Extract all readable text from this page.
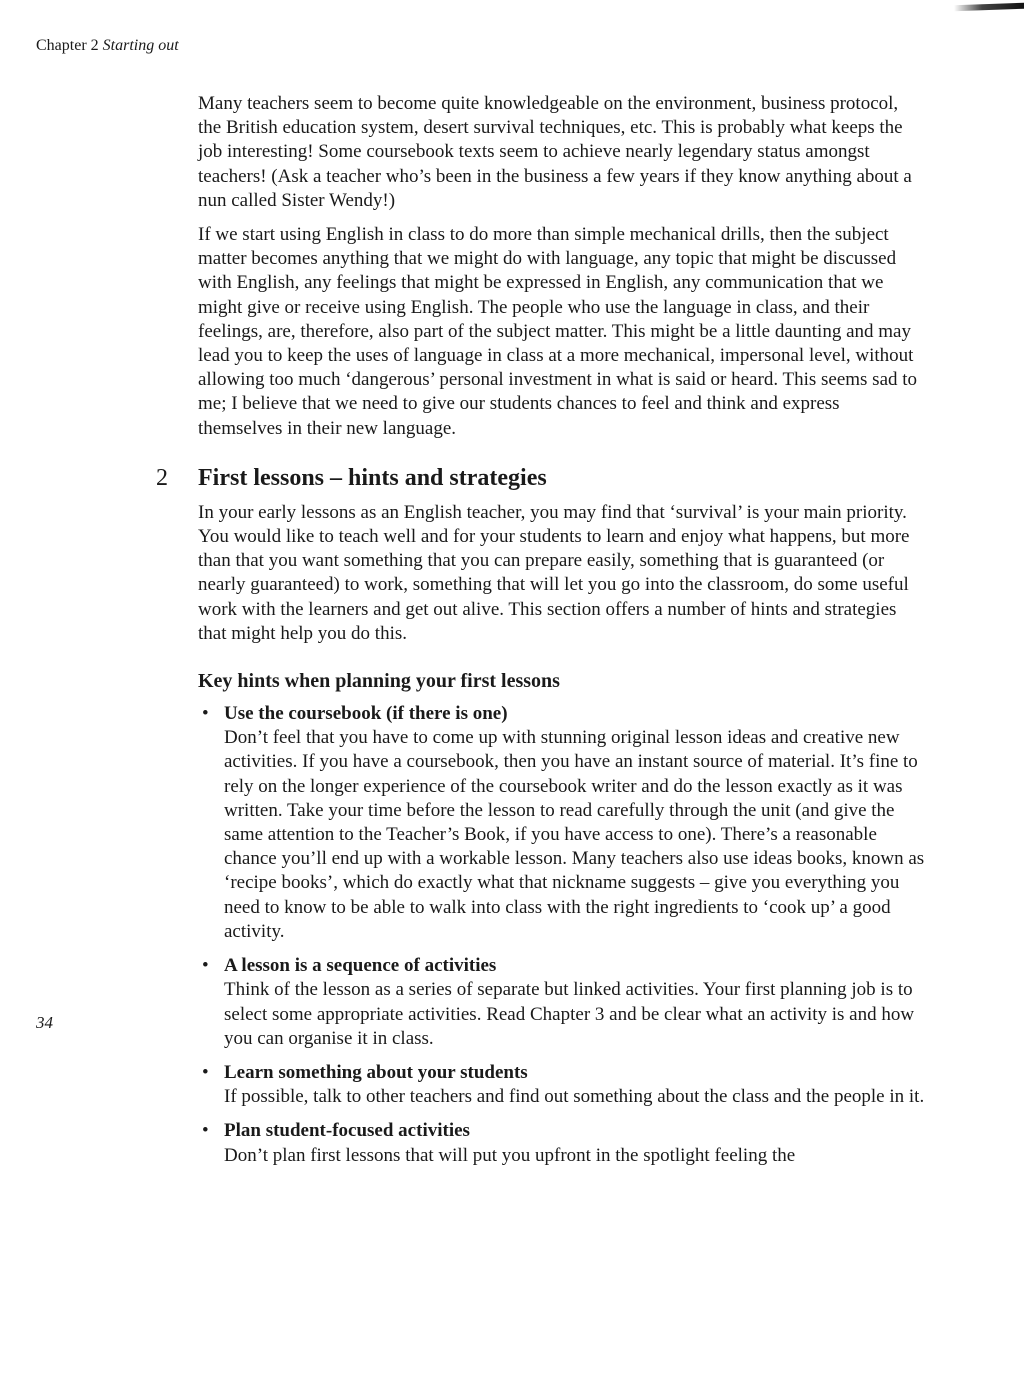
Chapter 2 Starting out

Many teachers seem to become quite knowledgeable on the environment, business protocol, the British education system, desert survival techniques, etc. This is probably what keeps the job interesting! Some coursebook texts seem to achieve nearly legendary status amongst teachers! (Ask a teacher who’s been in the business a few years if they know anything about a nun called Sister Wendy!)

If we start using English in class to do more than simple mechanical drills, then the subject matter becomes anything that we might do with language, any topic that might be discussed with English, any feelings that might be expressed in English, any communication that we might give or receive using English. The people who use the language in class, and their feelings, are, therefore, also part of the subject matter. This might be a little daunting and may lead you to keep the uses of language in class at a more mechanical, impersonal level, without allowing too much ‘dangerous’ personal investment in what is said or heard. This seems sad to me; I believe that we need to give our students chances to feel and think and express themselves in their new language.

2 First lessons – hints and strategies

In your early lessons as an English teacher, you may find that ‘survival’ is your main priority. You would like to teach well and for your students to learn and enjoy what happens, but more than that you want something that you can prepare easily, something that is guaranteed (or nearly guaranteed) to work, something that will let you go into the classroom, do some useful work with the learners and get out alive. This section offers a number of hints and strategies that might help you do this.

Key hints when planning your first lessons
• Use the coursebook (if there is one)

Don’t feel that you have to come up with stunning original lesson ideas and creative new activities. If you have a coursebook, then you have an instant source of material. It’s fine to rely on the longer experience of the coursebook writer and do the lesson exactly as it was written. Take your time before the lesson to read carefully through the unit (and give the same attention to the Teacher’s Book, if you have access to one). There’s a reasonable chance you’ll end up with a workable lesson. Many teachers also use ideas books, known as ‘recipe books’, which do exactly what that nickname suggests – give you everything you need to know to be able to walk into class with the right ingredients to ‘cook up’ a good activity.

• A lesson is a sequence of activities

Think of the lesson as a series of separate but linked activities. Your first planning job is to select some appropriate activities. Read Chapter 3 and be clear what an activity is and how you can organise it in class.

• Learn something about your students

If possible, talk to other teachers and find out something about the class and the people in it.

• Plan student-focused activities

Don’t plan first lessons that will put you upfront in the spotlight feeling the

34
